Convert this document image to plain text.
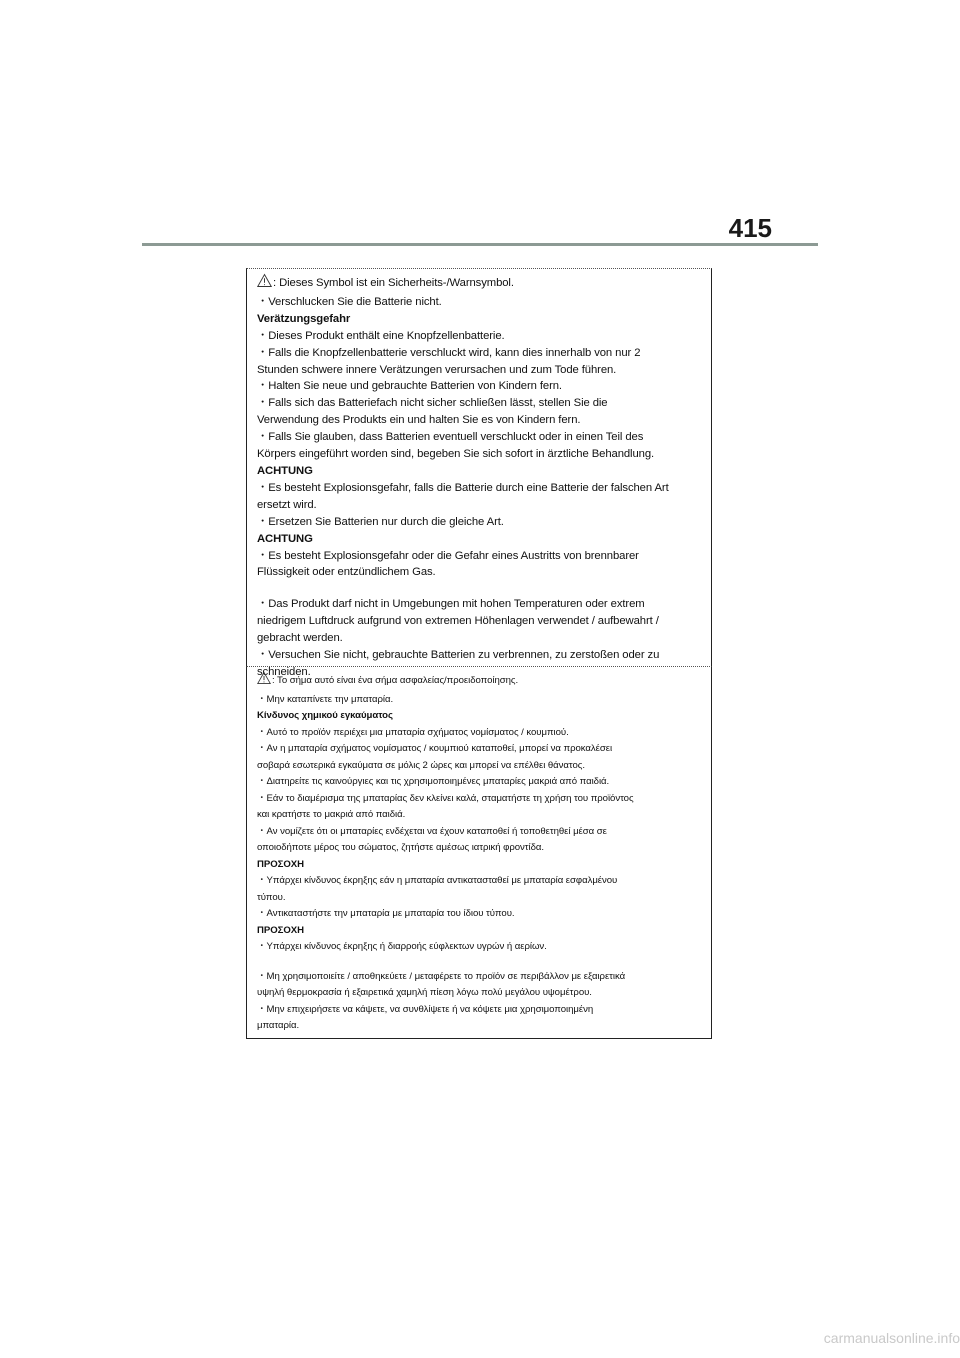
415
: Dieses Symbol ist ein Sicherheits-/Warnsymbol.
・Verschlucken Sie die Batterie nicht.
Verätzungsgefahr
・Dieses Produkt enthält eine Knopfzellenbatterie.
・Falls die Knopfzellenbatterie verschluckt wird, kann dies innerhalb von nur 2
Stunden schwere innere Verätzungen verursachen und zum Tode führen.
・Halten Sie neue und gebrauchte Batterien von Kindern fern.
・Falls sich das Batteriefach nicht sicher schließen lässt, stellen Sie die
Verwendung des Produkts ein und halten Sie es von Kindern fern.
・Falls Sie glauben, dass Batterien eventuell verschluckt oder in einen Teil des
Körpers eingeführt worden sind, begeben Sie sich sofort in ärztliche Behandlung.
ACHTUNG
・Es besteht Explosionsgefahr, falls die Batterie durch eine Batterie der falschen Art
ersetzt wird.
・Ersetzen Sie Batterien nur durch die gleiche Art.
ACHTUNG
・Es besteht Explosionsgefahr oder die Gefahr eines Austritts von brennbarer
Flüssigkeit oder entzündlichem Gas.
・Das Produkt darf nicht in Umgebungen mit hohen Temperaturen oder extrem
niedrigem Luftdruck aufgrund von extremen Höhenlagen verwendet / aufbewahrt /
gebracht werden.
・Versuchen Sie nicht, gebrauchte Batterien zu verbrennen, zu zerstoßen oder zu
schneiden.
: Το σήμα αυτό είναι ένα σήμα ασφαλείας/προειδοποίησης.
・Μην καταπίνετε την μπαταρία.
Κίνδυνος χημικού εγκαύματος
・Αυτό το προϊόν περιέχει μια μπαταρία σχήματος νομίσματος / κουμπιού.
・Αν η μπαταρία σχήματος νομίσματος / κουμπιού καταποθεί, μπορεί να προκαλέσει
σοβαρά εσωτερικά εγκαύματα σε μόλις 2 ώρες και μπορεί να επέλθει θάνατος.
・Διατηρείτε τις καινούργιες και τις χρησιμοποιημένες μπαταρίες μακριά από παιδιά.
・Εάν το διαμέρισμα της μπαταρίας δεν κλείνει καλά, σταματήστε τη χρήση του προϊόντος
και κρατήστε το μακριά από παιδιά.
・Αν νομίζετε ότι οι μπαταρίες ενδέχεται να έχουν καταποθεί ή τοποθετηθεί μέσα σε
οποιοδήποτε μέρος του σώματος, ζητήστε αμέσως ιατρική φροντίδα.
ΠΡΟΣΟΧΗ
・Υπάρχει κίνδυνος έκρηξης εάν η μπαταρία αντικατασταθεί με μπαταρία εσφαλμένου
τύπου.
・Αντικαταστήστε την μπαταρία με μπαταρία του ίδιου τύπου.
ΠΡΟΣΟΧΗ
・Υπάρχει κίνδυνος έκρηξης ή διαρροής εύφλεκτων υγρών ή αερίων.
・Μη χρησιμοποιείτε / αποθηκεύετε / μεταφέρετε το προϊόν σε περιβάλλον με εξαιρετικά
υψηλή θερμοκρασία ή εξαιρετικά χαμηλή πίεση λόγω πολύ μεγάλου υψομέτρου.
・Μην επιχειρήσετε να κάψετε, να συνθλίψετε ή να κόψετε μια χρησιμοποιημένη
μπαταρία.
carmanualsonline.info
